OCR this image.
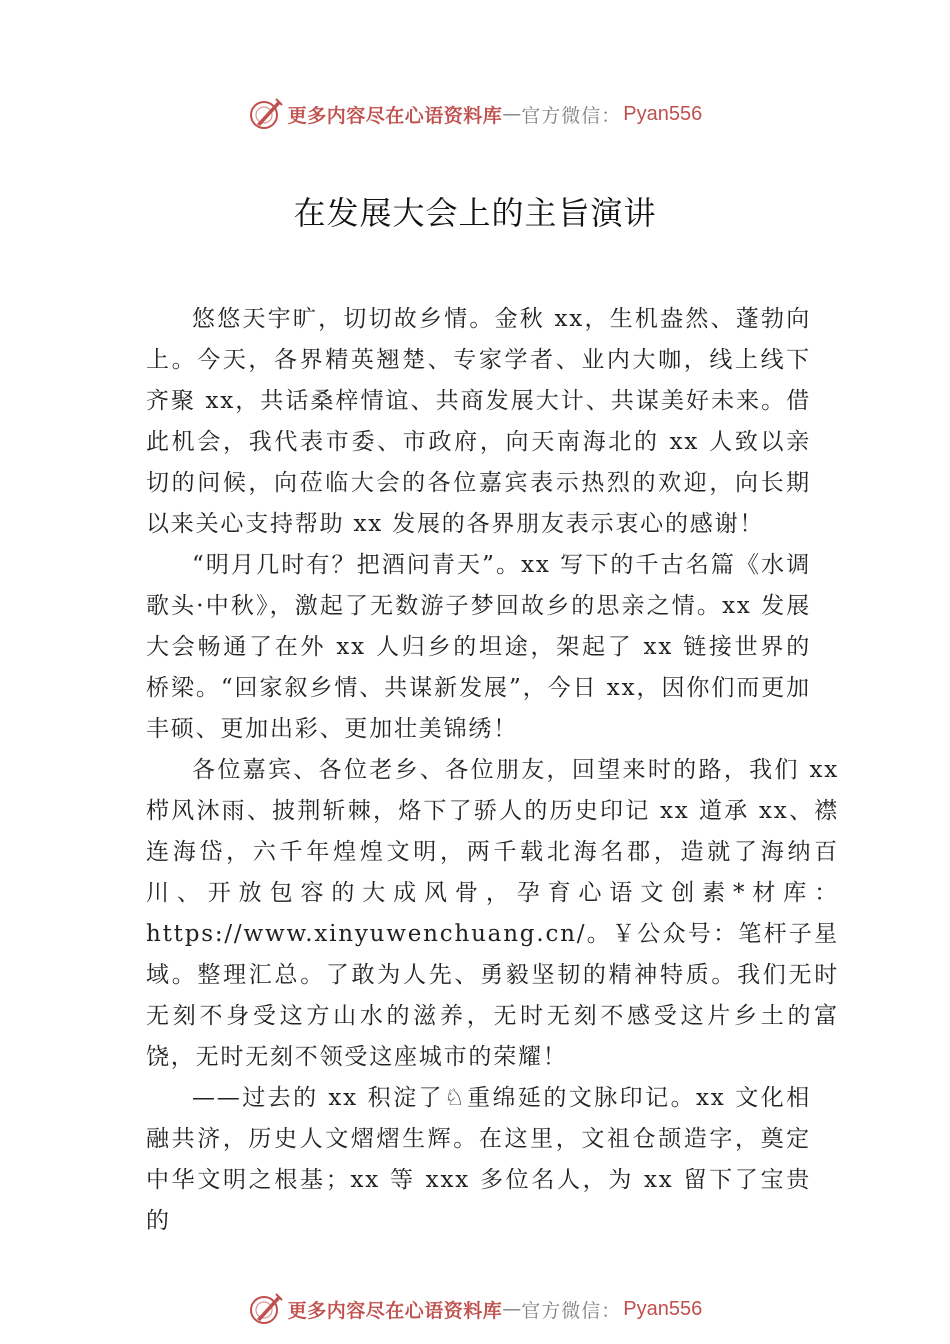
更多内容尽在心语资料库 — 官方微信： Pyan556
在发展大会上的主旨演讲

悠悠天宇旷，切切故乡情。金秋 xx，生机盎然、蓬勃向上。今天，各界精英翘楚、专家学者、业内大咖，线上线下齐聚 xx，共话桑梓情谊、共商发展大计、共谋美好未来。借此机会，我代表市委、市政府，向天南海北的 xx 人致以亲切的问候，向莅临大会的各位嘉宾表示热烈的欢迎，向长期以来关心支持帮助 xx 发展的各界朋友表示衷心的感谢！

“明月几时有？把酒问青天”。xx 写下的千古名篇《水调歌头·中秋》，激起了无数游子梦回故乡的思亲之情。xx 发展大会畅通了在外 xx 人归乡的坦途，架起了 xx 链接世界的桥梁。“回家叙乡情、共谋新发展”，今日 xx，因你们而更加丰硕、更加出彩、更加壮美锦绣！

各位嘉宾、各位老乡、各位朋友，回望来时的路，我们 xx 栉风沐雨、披荆斩棘，烙下了骄人的历史印记 xx 道承 xx、襟连海岱，六千年煌煌文明，两千载北海名郡，造就了海纳百川、开放包容的大成风骨，孕育心语文创素*材库：https://www.xinyuwenchuang.cn/。￥公众号：笔杆子星域。整理汇总。了敢为人先、勇毅坚韧的精神特质。我们无时无刻不身受这方山水的滋养，无时无刻不感受这片乡土的富饶，无时无刻不领受这座城市的荣耀！

——过去的 xx 积淀了♘重绵延的文脉印记。xx 文化相融共济，历史人文熠熠生辉。在这里，文祖仓颉造字，奠定中华文明之根基；xx 等 xxx 多位名人，为 xx 留下了宝贵的

更多内容尽在心语资料库 — 官方微信： Pyan556
